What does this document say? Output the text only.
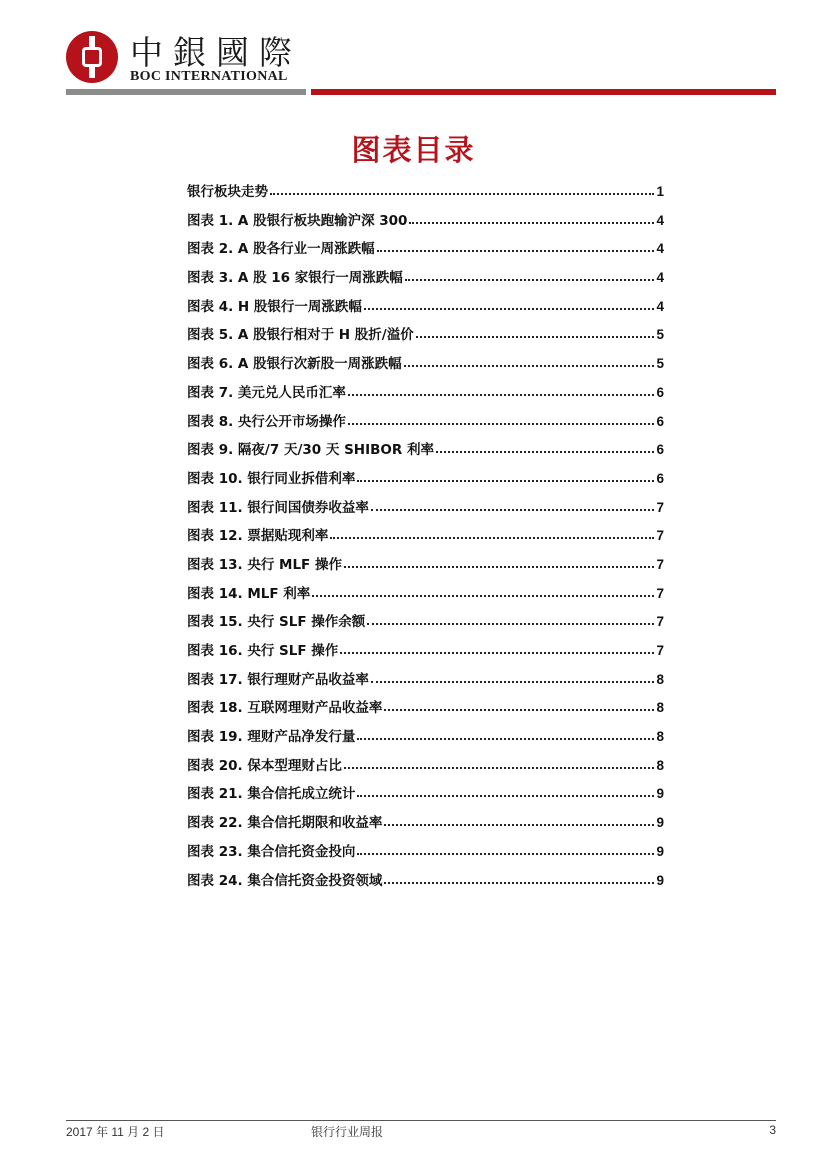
中銀國際
BOC INTERNATIONAL
图表目录
银行板块走势	1
图表 1. A 股银行板块跑输沪深 300	4
图表 2. A 股各行业一周涨跌幅	4
图表 3. A 股 16 家银行一周涨跌幅	4
图表 4. H 股银行一周涨跌幅	4
图表 5. A 股银行相对于 H 股折/溢价	5
图表 6. A 股银行次新股一周涨跌幅	5
图表 7. 美元兑人民币汇率	6
图表 8. 央行公开市场操作	6
图表 9. 隔夜/7 天/30 天 SHIBOR 利率	6
图表 10. 银行同业拆借利率	6
图表 11. 银行间国债券收益率	7
图表 12. 票据贴现利率	7
图表 13. 央行 MLF 操作	7
图表 14. MLF 利率	7
图表 15. 央行 SLF 操作余额	7
图表 16. 央行 SLF 操作	7
图表 17. 银行理财产品收益率	8
图表 18. 互联网理财产品收益率	8
图表 19. 理财产品净发行量	8
图表 20. 保本型理财占比	8
图表 21. 集合信托成立统计	9
图表 22. 集合信托期限和收益率	9
图表 23. 集合信托资金投向	9
图表 24. 集合信托资金投资领域	9
2017 年 11 月 2 日	银行行业周报	3
